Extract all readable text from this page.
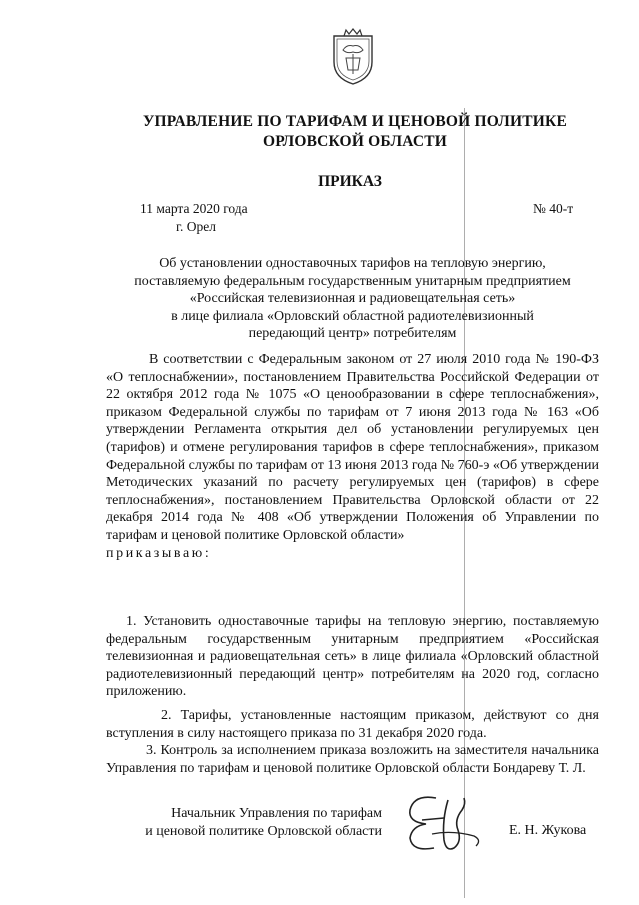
УПРАВЛЕНИЕ ПО ТАРИФАМ И ЦЕНОВОЙ ПОЛИТИКЕ
ОРЛОВСКОЙ ОБЛАСТИ
ПРИКАЗ
11 марта 2020 года
г. Орел
№ 40-т
Об установлении одноставочных тарифов на тепловую энергию,
поставляемую федеральным государственным унитарным предприятием
«Российская телевизионная и радиовещательная сеть»
в лице филиала «Орловский областной радиотелевизионный
передающий центр» потребителям
В соответствии с Федеральным законом от 27 июля 2010 года № 190-ФЗ «О теплоснабжении», постановлением Правительства Российской Федерации от 22 октября 2012 года № 1075 «О ценообразовании в сфере теплоснабжения», приказом Федеральной службы по тарифам от 7 июня 2013 года № 163 «Об утверждении Регламента открытия дел об установлении регулируемых цен (тарифов) и отмене регулирования тарифов в сфере теплоснабжения», приказом Федеральной службы по тарифам от 13 июня 2013 года № 760-э «Об утверждении Методических указаний по расчету регулируемых цен (тарифов) в сфере теплоснабжения», постановлением Правительства Орловской области от 22 декабря 2014 года № 408 «Об утверждении Положения об Управлении по тарифам и ценовой политике Орловской области»
приказываю:
1. Установить одноставочные тарифы на тепловую энергию, поставляемую федеральным государственным унитарным предприятием «Российская телевизионная и радиовещательная сеть» в лице филиала «Орловский областной радиотелевизионный передающий центр» потребителям на 2020 год, согласно приложению.
2. Тарифы, установленные настоящим приказом, действуют со дня вступления в силу настоящего приказа по 31 декабря 2020 года.
3. Контроль за исполнением приказа возложить на заместителя начальника Управления по тарифам и ценовой политике Орловской области Бондареву Т. Л.
Начальник Управления по тарифам
и ценовой политике Орловской области	Е. Н. Жукова
